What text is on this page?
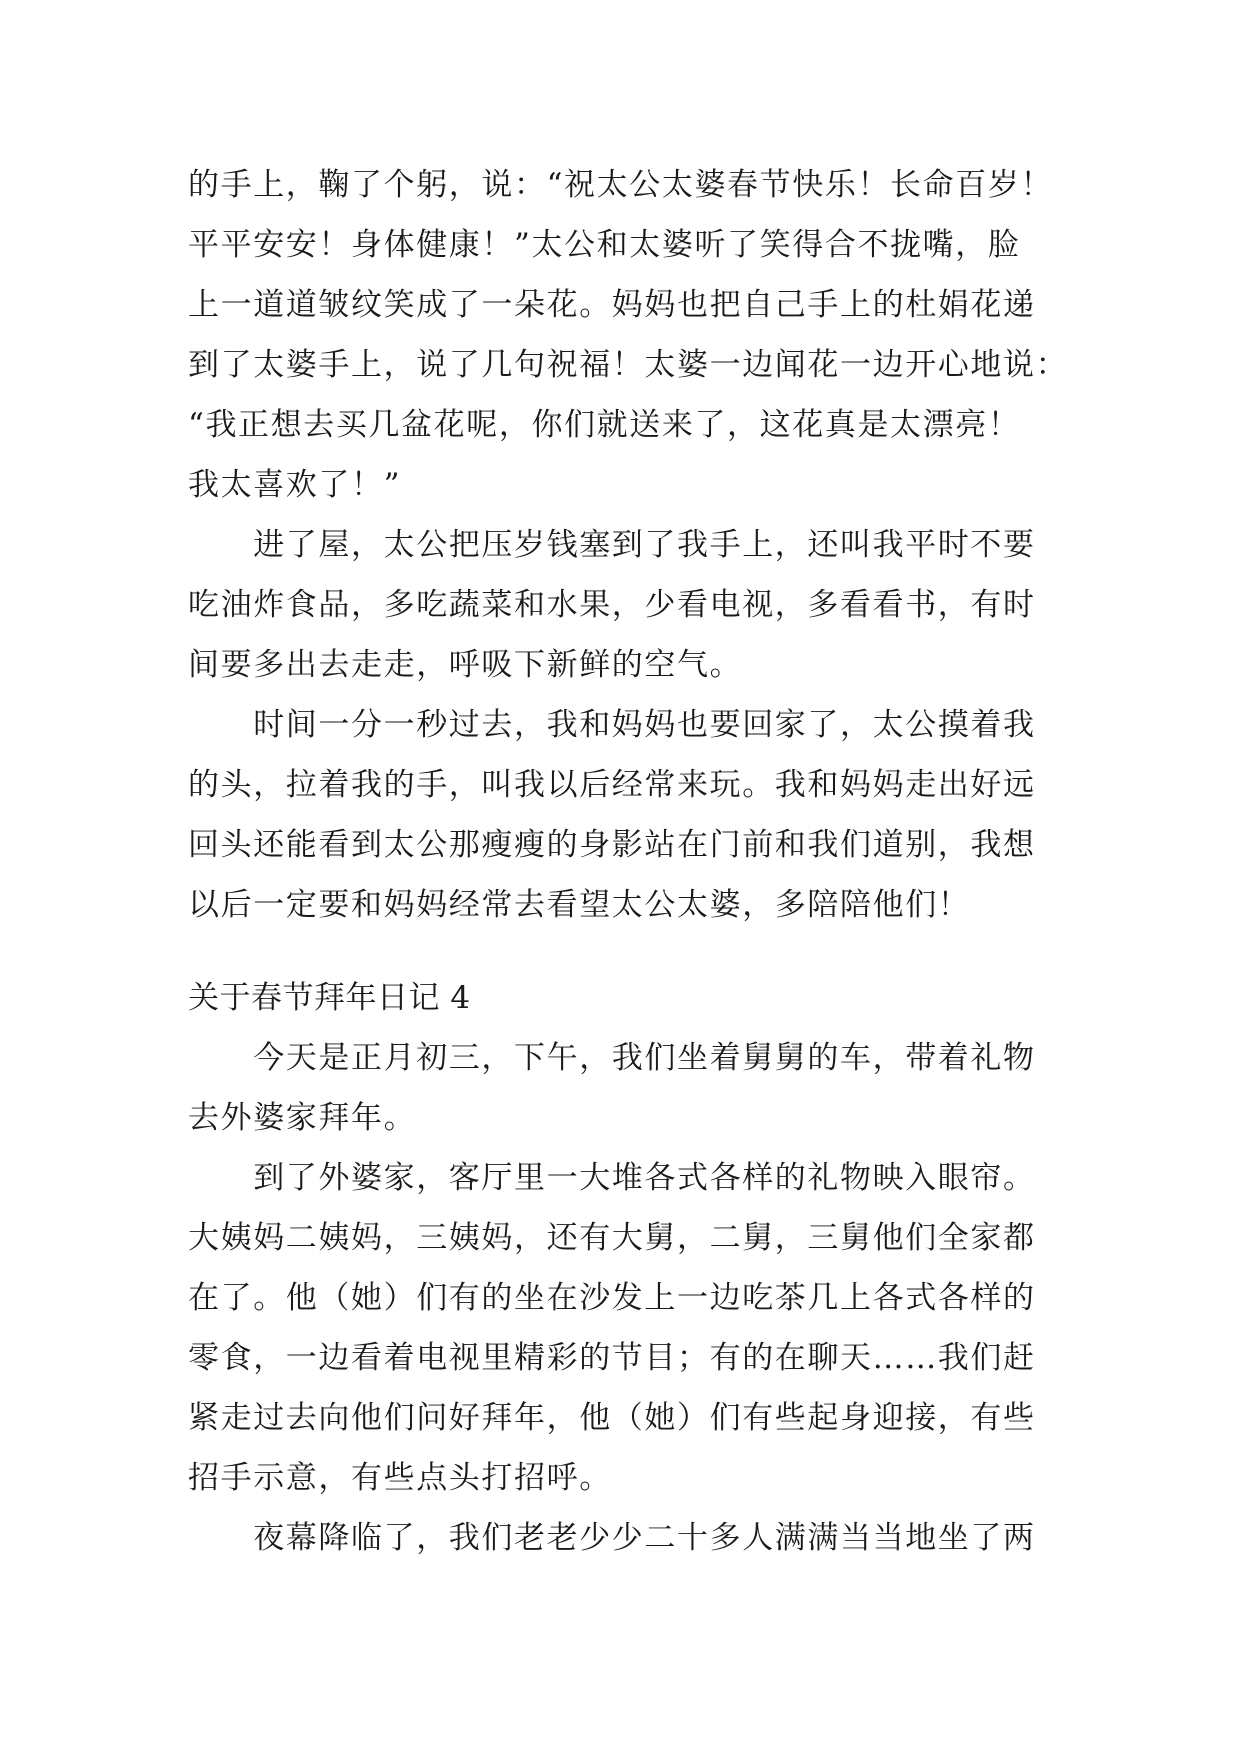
的手上，鞠了个躬，说：“祝太公太婆春节快乐！长命百岁！
平平安安！身体健康！”太公和太婆听了笑得合不拢嘴，脸
上一道道皱纹笑成了一朵花。妈妈也把自己手上的杜娟花递
到了太婆手上，说了几句祝福！太婆一边闻花一边开心地说：
“我正想去买几盆花呢，你们就送来了，这花真是太漂亮！
我太喜欢了！”
　　进了屋，太公把压岁钱塞到了我手上，还叫我平时不要
吃油炸食品，多吃蔬菜和水果，少看电视，多看看书，有时
间要多出去走走，呼吸下新鲜的空气。
　　时间一分一秒过去，我和妈妈也要回家了，太公摸着我
的头，拉着我的手，叫我以后经常来玩。我和妈妈走出好远
回头还能看到太公那瘦瘦的身影站在门前和我们道别，我想
以后一定要和妈妈经常去看望太公太婆，多陪陪他们！
关于春节拜年日记 4
　　今天是正月初三，下午，我们坐着舅舅的车，带着礼物
去外婆家拜年。
　　到了外婆家，客厅里一大堆各式各样的礼物映入眼帘。
大姨妈二姨妈，三姨妈，还有大舅，二舅，三舅他们全家都
在了。他（她）们有的坐在沙发上一边吃茶几上各式各样的
零食，一边看着电视里精彩的节目；有的在聊天……我们赶
紧走过去向他们问好拜年，他（她）们有些起身迎接，有些
招手示意，有些点头打招呼。
　　夜幕降临了，我们老老少少二十多人满满当当地坐了两
